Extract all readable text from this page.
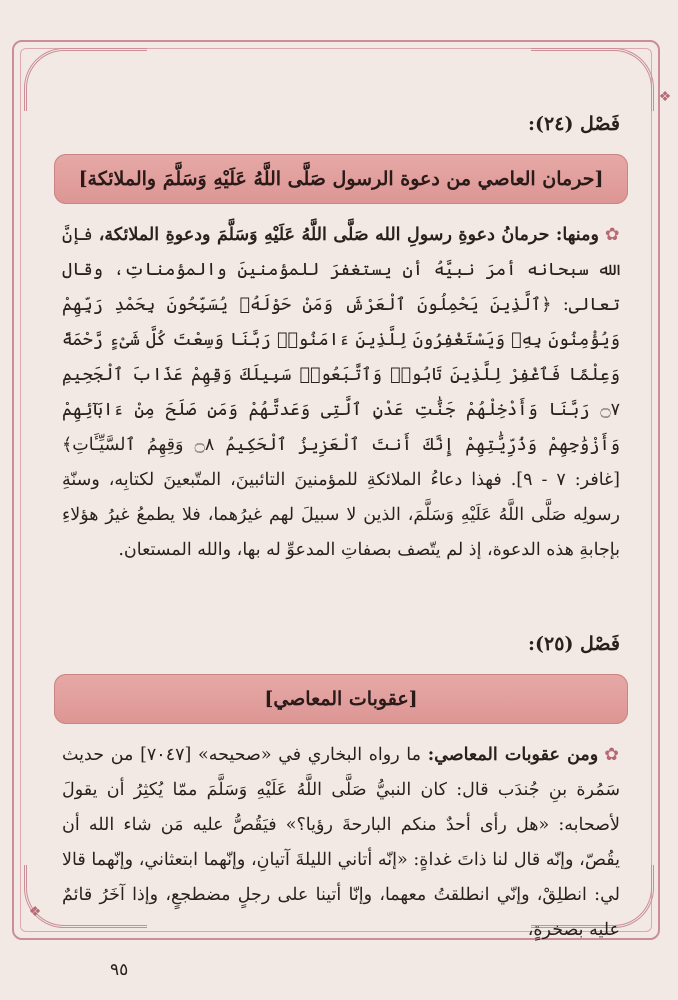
❖
❖

فَصْل (٢٤):

[حرمان العاصي من دعوة الرسول صَلَّى اللَّهُ عَلَيْهِ وَسَلَّمَ والملائكة]

✿ومنها: حرمانُ دعوةِ رسولِ الله صَلَّى اللَّهُ عَلَيْهِ وَسَلَّمَ ودعوةِ الملائكة، فإنَّ الله سبحانه أمرَ نبيَّهُ أن يستغفرَ للمؤمنينَ والمؤمناتِ، وقال تعالى: ﴿ٱلَّذِينَ يَحْمِلُونَ ٱلْعَرْشَ وَمَنْ حَوْلَهُۥ يُسَبِّحُونَ بِحَمْدِ رَبِّهِمْ وَيُؤْمِنُونَ بِهِۦ وَيَسْتَغْفِرُونَ لِلَّذِينَ ءَامَنُوا۟ رَبَّنَا وَسِعْتَ كُلَّ شَىْءٍ رَّحْمَةً وَعِلْمًا فَٱغْفِرْ لِلَّذِينَ تَابُوا۟ وَٱتَّبَعُوا۟ سَبِيلَكَ وَقِهِمْ عَذَابَ ٱلْجَحِيمِ ۝٧ رَبَّنَا وَأَدْخِلْهُمْ جَنَّٰتِ عَدْنٍ ٱلَّتِى وَعَدتَّهُمْ وَمَن صَلَحَ مِنْ ءَابَآئِهِمْ وَأَزْوَٰجِهِمْ وَذُرِّيَّٰتِهِمْ إِنَّكَ أَنتَ ٱلْعَزِيزُ ٱلْحَكِيمُ ۝٨ وَقِهِمُ ٱلسَّيِّـَٔاتِ﴾ [غافر: ٧ - ٩]. فهذا دعاءُ الملائكةِ للمؤمنينَ التائبينَ، المتّبعينَ لكتابِه، وسنّةِ رسولِه صَلَّى اللَّهُ عَلَيْهِ وَسَلَّمَ، الذين لا سبيلَ لهم غيرُهما، فلا يطمعُ غيرُ هؤلاءِ بإجابةِ هذه الدعوة، إذ لم يتّصف بصفاتِ المدعوِّ له بها، والله المستعان.

فَصْل (٢٥):

[عقوبات المعاصي]

✿ومن عقوبات المعاصي: ما رواه البخاري في «صحيحه» [٧٠٤٧] من حديث سَمُرة بنِ جُندَب قال: كان النبيُّ صَلَّى اللَّهُ عَلَيْهِ وَسَلَّمَ ممّا يُكثِرُ أن يقولَ لأصحابه: «هل رأى أحدٌ منكم البارحةَ رؤيا؟» فيَقُصُّ عليه مَن شاء الله أن يقُصّ، وإنّه قال لنا ذاتَ غداةٍ: «إنّه أتاني الليلةَ آتيانِ، وإنّهما ابتعثاني، وإنّهما قالا لي: انطلِقْ، وإنّي انطلقتُ معهما، وإنّا أتينا على رجلٍ مضطجعٍ، وإذا آخَرُ قائمٌ عليه بصخرةٍ،

٩٥
